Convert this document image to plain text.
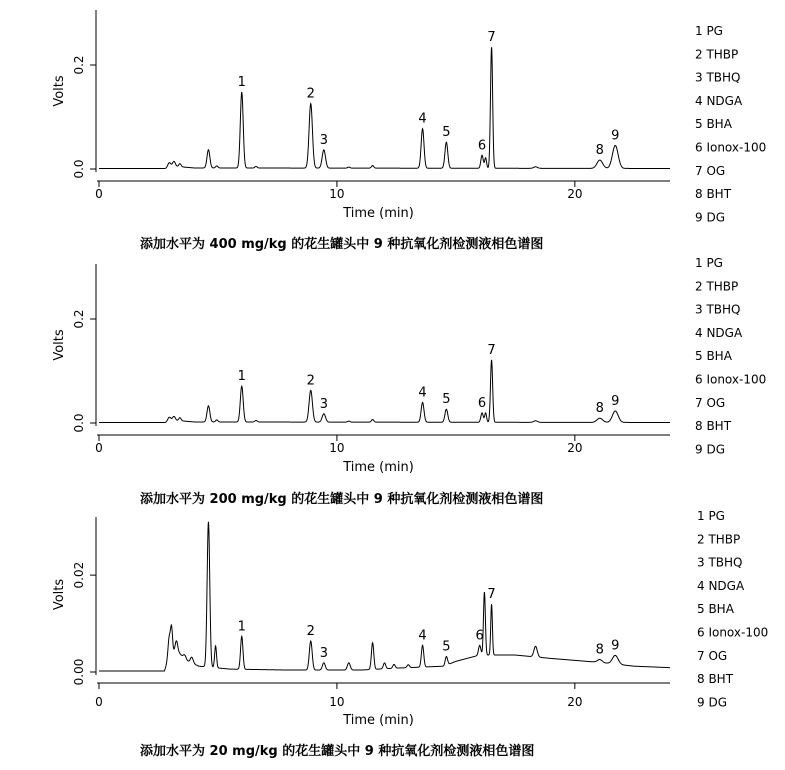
0.0
0.2
Volts
0	10	20
Time (min)
1
2
3
4
5
6
7
8
9
添加水平为 400 mg/kg 的花生罐头中 9 种抗氧化剂检测液相色谱图
1 PG
2 THBP
3 TBHQ
4 NDGA
5 BHA
6 Ionox-100
7 OG
8 BHT
9 DG
0.0
0.2
Volts
0	10	20
Time (min)
1	2
3
4 5 6
7
8 9
添加水平为 200 mg/kg 的花生罐头中 9 种抗氧化剂检测液相色谱图
1 PG
2 THBP
3 TBHQ
4 NDGA
5 BHA
6 Ionox-100
7 OG
8 BHT
9 DG
0.00
0.02
Volts
0	10	20
Time (min)
1	2
3
4
5
6
7
8 9
添加水平为 20 mg/kg 的花生罐头中 9 种抗氧化剂检测液相色谱图
1 PG
2 THBP
3 TBHQ
4 NDGA
5 BHA
6 Ionox-100
7 OG
8 BHT
9 DG
